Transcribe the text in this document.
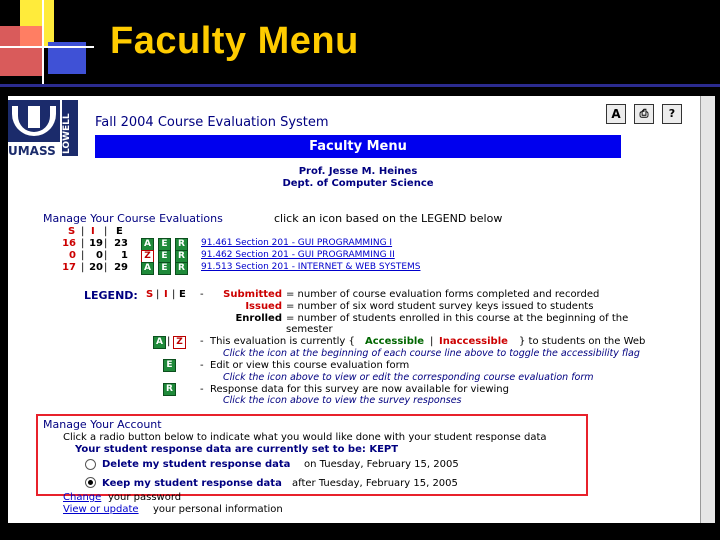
Faculty Menu
LOWELL
UMASS
Fall 2004 Course Evaluation System
Faculty Menu
Prof. Jesse M. Heines
Dept. of Computer Science
A	⎙	?
Manage Your Course Evaluations	click an icon based on the LEGEND below
S | I | E
16 | 19 | 23	A	E	R	91.461 Section 201 - GUI PROGRAMMING I
0 |	0 |	1	Z	E	R	91.462 Section 201 - GUI PROGRAMMING II
17 | 20 | 29	A	E	R	91.513 Section 201 - INTERNET & WEB SYSTEMS
LEGEND: S | I | E -	Submitted = number of course evaluation forms completed and recorded
Issued = number of six word student survey keys issued to students
Enrolled = number of students enrolled in this course at the beginning of the
semester
A | Z	- This evaluation is currently { Accessible | Inaccessible } to students on the Web
Click the icon at the beginning of each course line above to toggle the accessibility flag
E	- Edit or view this course evaluation form
Click the icon above to view or edit the corresponding course evaluation form
R	- Response data for this survey are now available for viewing
Click the icon above to view the survey responses
Manage Your Account
Click a radio button below to indicate what you would like done with your student response data
Your student response data are currently set to be: KEPT
Delete my student response data on Tuesday, February 15, 2005
Keep my student response data after Tuesday, February 15, 2005
Change your password
View or update your personal information
